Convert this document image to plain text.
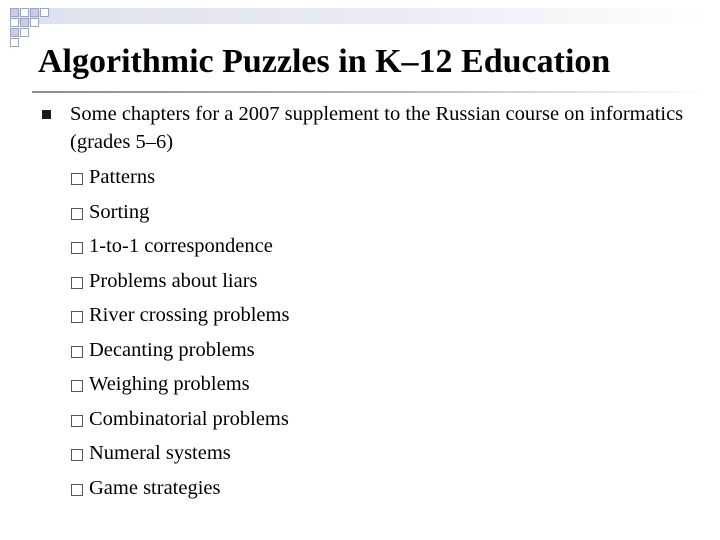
Algorithmic Puzzles in K–12 Education
Some chapters for a 2007 supplement to the Russian course on informatics (grades 5–6)
Patterns
Sorting
1-to-1 correspondence
Problems about liars
River crossing problems
Decanting problems
Weighing problems
Combinatorial problems
Numeral systems
Game strategies
